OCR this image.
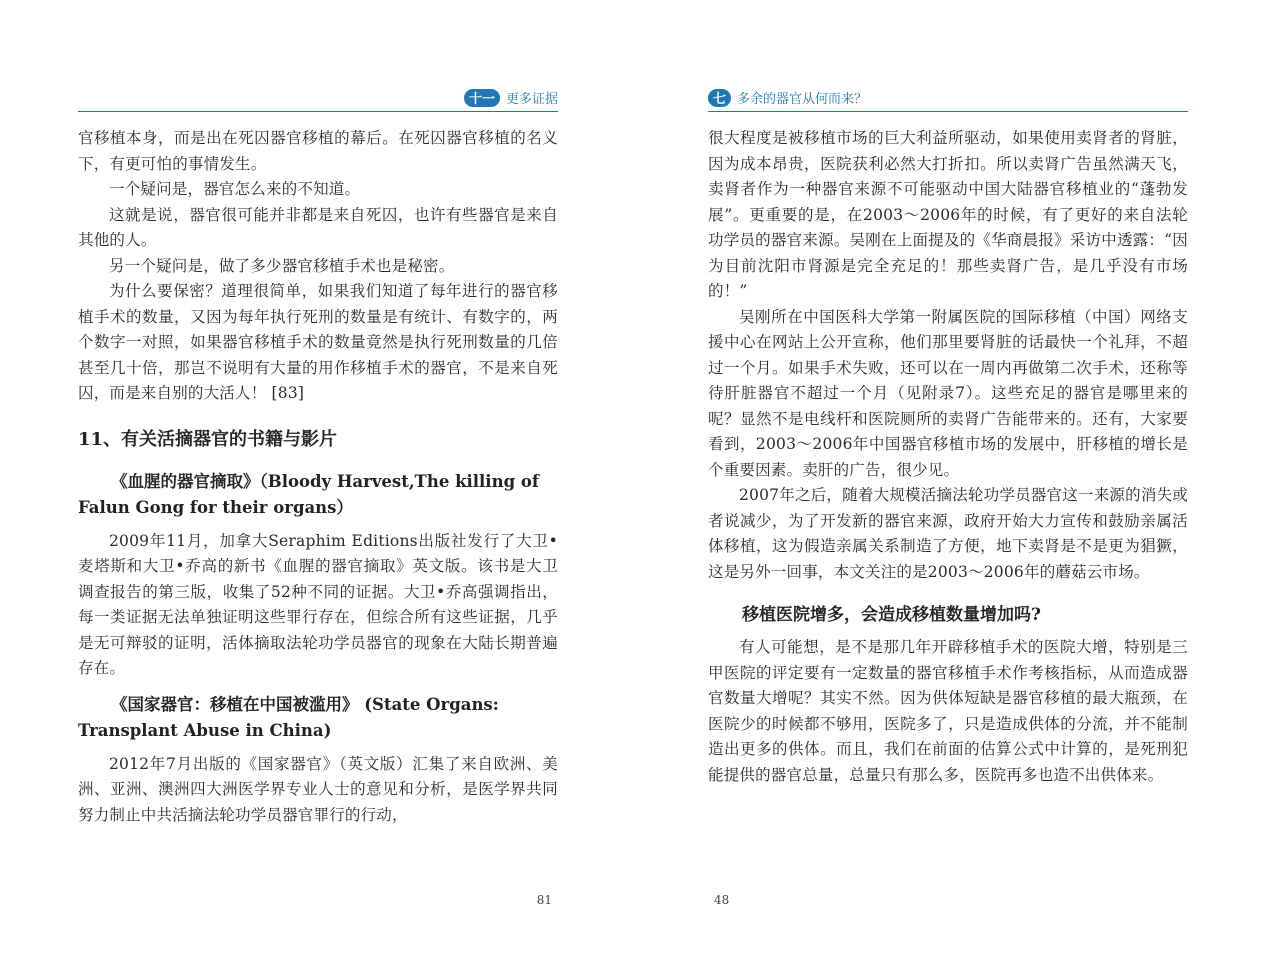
十一 更多证据

官移植本身，而是出在死囚器官移植的幕后。在死囚器官移植的名义下，有更可怕的事情发生。

一个疑问是，器官怎么来的不知道。

这就是说，器官很可能并非都是来自死囚，也许有些器官是来自其他的人。

另一个疑问是，做了多少器官移植手术也是秘密。

为什么要保密？道理很简单，如果我们知道了每年进行的器官移植手术的数量，又因为每年执行死刑的数量是有统计、有数字的，两个数字一对照，如果器官移植手术的数量竟然是执行死刑数量的几倍甚至几十倍，那岂不说明有大量的用作移植手术的器官，不是来自死囚，而是来自别的大活人！ [83]

11、有关活摘器官的书籍与影片
《血腥的器官摘取》（Bloody Harvest,The killing of Falun Gong for their organs）

2009年11月，加拿大Seraphim Editions出版社发行了大卫•麦塔斯和大卫•乔高的新书《血腥的器官摘取》英文版。该书是大卫调查报告的第三版，收集了52种不同的证据。大卫•乔高强调指出，每一类证据无法单独证明这些罪行存在，但综合所有这些证据，几乎是无可辩驳的证明，活体摘取法轮功学员器官的现象在大陆长期普遍存在。

《国家器官：移植在中国被滥用》 (State Organs: Transplant Abuse in China)

2012年7月出版的《国家器官》（英文版）汇集了来自欧洲、美洲、亚洲、澳洲四大洲医学界专业人士的意见和分析，是医学界共同努力制止中共活摘法轮功学员器官罪行的行动，

81
七 多余的器官从何而来？

很大程度是被移植市场的巨大利益所驱动，如果使用卖肾者的肾脏，因为成本昂贵，医院获利必然大打折扣。所以卖肾广告虽然满天飞，卖肾者作为一种器官来源不可能驱动中国大陆器官移植业的“蓬勃发展”。更重要的是，在2003～2006年的时候，有了更好的来自法轮功学员的器官来源。吴刚在上面提及的《华商晨报》采访中透露：“因为目前沈阳市肾源是完全充足的！那些卖肾广告，是几乎没有市场的！”

吴刚所在中国医科大学第一附属医院的国际移植（中国）网络支援中心在网站上公开宣称，他们那里要肾脏的话最快一个礼拜，不超过一个月。如果手术失败，还可以在一周内再做第二次手术，还称等待肝脏器官不超过一个月（见附录7）。这些充足的器官是哪里来的呢？显然不是电线杆和医院厕所的卖肾广告能带来的。还有，大家要看到，2003～2006年中国器官移植市场的发展中，肝移植的增长是个重要因素。卖肝的广告，很少见。

2007年之后，随着大规模活摘法轮功学员器官这一来源的消失或者说减少，为了开发新的器官来源，政府开始大力宣传和鼓励亲属活体移植，这为假造亲属关系制造了方便，地下卖肾是不是更为猖獗，这是另外一回事，本文关注的是2003～2006年的蘑菇云市场。

移植医院增多，会造成移植数量增加吗?

有人可能想，是不是那几年开辟移植手术的医院大增，特别是三甲医院的评定要有一定数量的器官移植手术作考核指标，从而造成器官数量大增呢？其实不然。因为供体短缺是器官移植的最大瓶颈，在医院少的时候都不够用，医院多了，只是造成供体的分流，并不能制造出更多的供体。而且，我们在前面的估算公式中计算的，是死刑犯能提供的器官总量，总量只有那么多，医院再多也造不出供体来。

48
